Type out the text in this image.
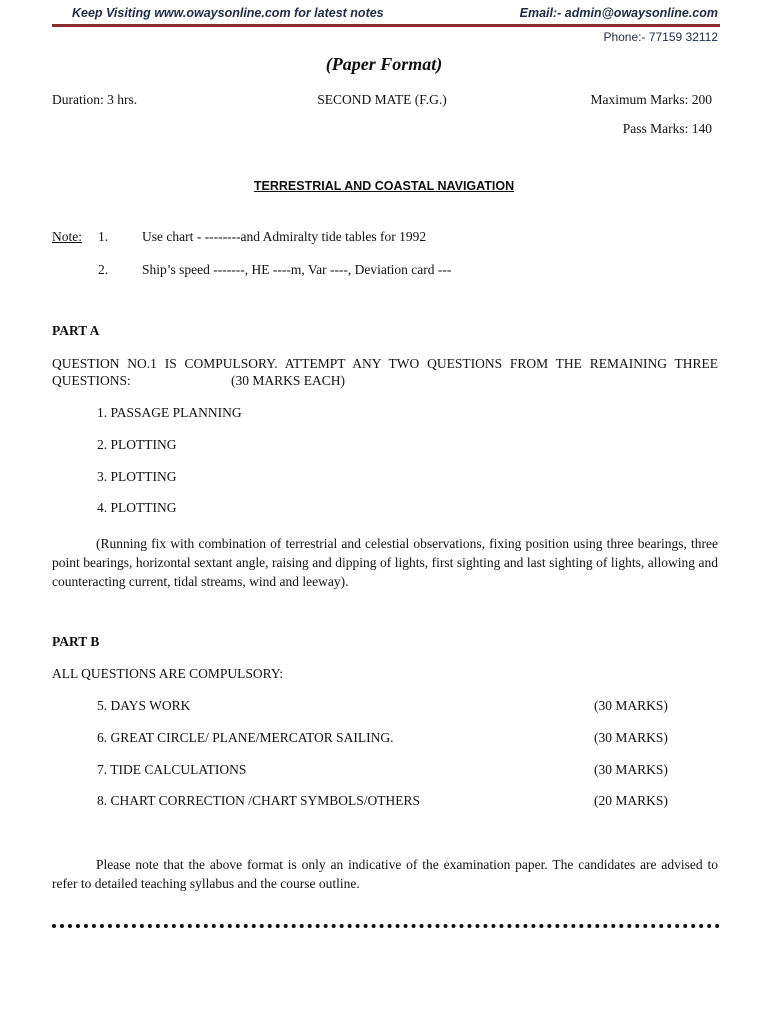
Keep Visiting www.owaysonline.com for latest notes	Email:- admin@owaysonline.com
Phone:- 77159 32112
(Paper Format)
Duration: 3 hrs.	SECOND MATE (F.G.)	Maximum Marks: 200
Pass Marks: 140
TERRESTRIAL AND COASTAL NAVIGATION
Note: 1.	Use chart - --------and Admiralty tide tables for 1992
2.	Ship’s speed -------, HE ----m, Var ----, Deviation card ---
PART A
QUESTION NO.1 IS COMPULSORY. ATTEMPT ANY TWO QUESTIONS FROM THE REMAINING THREE
QUESTIONS:	(30 MARKS EACH)
1. PASSAGE PLANNING
2. PLOTTING
3. PLOTTING
4. PLOTTING
(Running fix with combination of terrestrial and celestial observations, fixing position using three bearings, three point bearings, horizontal sextant angle, raising and dipping of lights, first sighting and last sighting of lights, allowing and counteracting current, tidal streams, wind and leeway).
PART B
ALL QUESTIONS ARE COMPULSORY:
5. DAYS WORK	(30 MARKS)
6. GREAT CIRCLE/ PLANE/MERCATOR SAILING.	(30 MARKS)
7. TIDE CALCULATIONS	(30 MARKS)
8. CHART CORRECTION /CHART SYMBOLS/OTHERS	(20 MARKS)
Please note that the above format is only an indicative of the examination paper. The candidates are advised to refer to detailed teaching syllabus and the course outline.
